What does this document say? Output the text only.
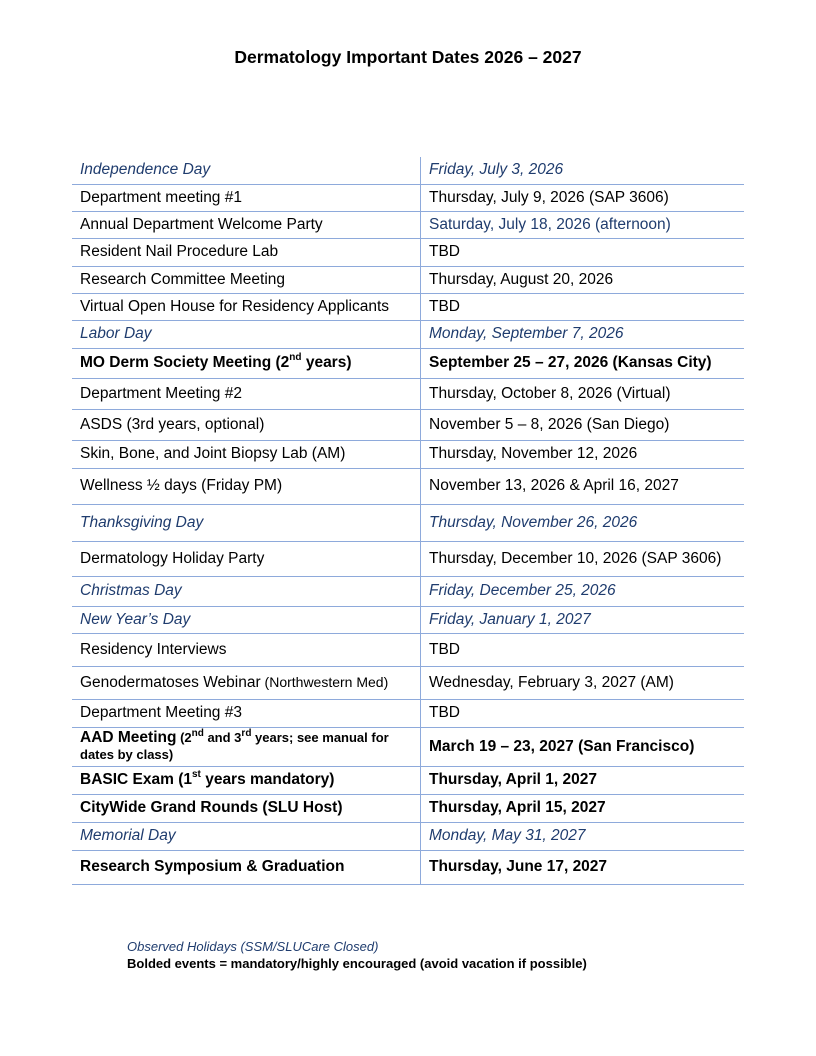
Dermatology Important Dates 2026 – 2027
Independence Day	Friday, July 3, 2026
Department meeting #1	Thursday, July 9, 2026 (SAP 3606)
Annual Department Welcome Party	Saturday, July 18, 2026 (afternoon)
Resident Nail Procedure Lab	TBD
Research Committee Meeting	Thursday, August 20, 2026
Virtual Open House for Residency Applicants	TBD
Labor Day	Monday, September 7, 2026
MO Derm Society Meeting (2nd years)	September 25 – 27, 2026 (Kansas City)
Department Meeting #2	Thursday, October 8, 2026 (Virtual)
ASDS (3rd years, optional)	November 5 – 8, 2026 (San Diego)
Skin, Bone, and Joint Biopsy Lab (AM)	Thursday, November 12, 2026
Wellness ½ days (Friday PM)	November 13, 2026 & April 16, 2027
Thanksgiving Day	Thursday, November 26, 2026
Dermatology Holiday Party	Thursday, December 10, 2026 (SAP 3606)
Christmas Day	Friday, December 25, 2026
New Year’s Day	Friday, January 1, 2027
Residency Interviews	TBD
Genodermatoses Webinar (Northwestern Med)	Wednesday, February 3, 2027 (AM)
Department Meeting #3	TBD
AAD Meeting (2nd and 3rd years; see manual for dates by class)	March 19 – 23, 2027 (San Francisco)
BASIC Exam (1st years mandatory)	Thursday, April 1, 2027
CityWide Grand Rounds (SLU Host)	Thursday, April 15, 2027
Memorial Day	Monday, May 31, 2027
Research Symposium & Graduation	Thursday, June 17, 2027
Observed Holidays (SSM/SLUCare Closed)
Bolded events = mandatory/highly encouraged (avoid vacation if possible)
